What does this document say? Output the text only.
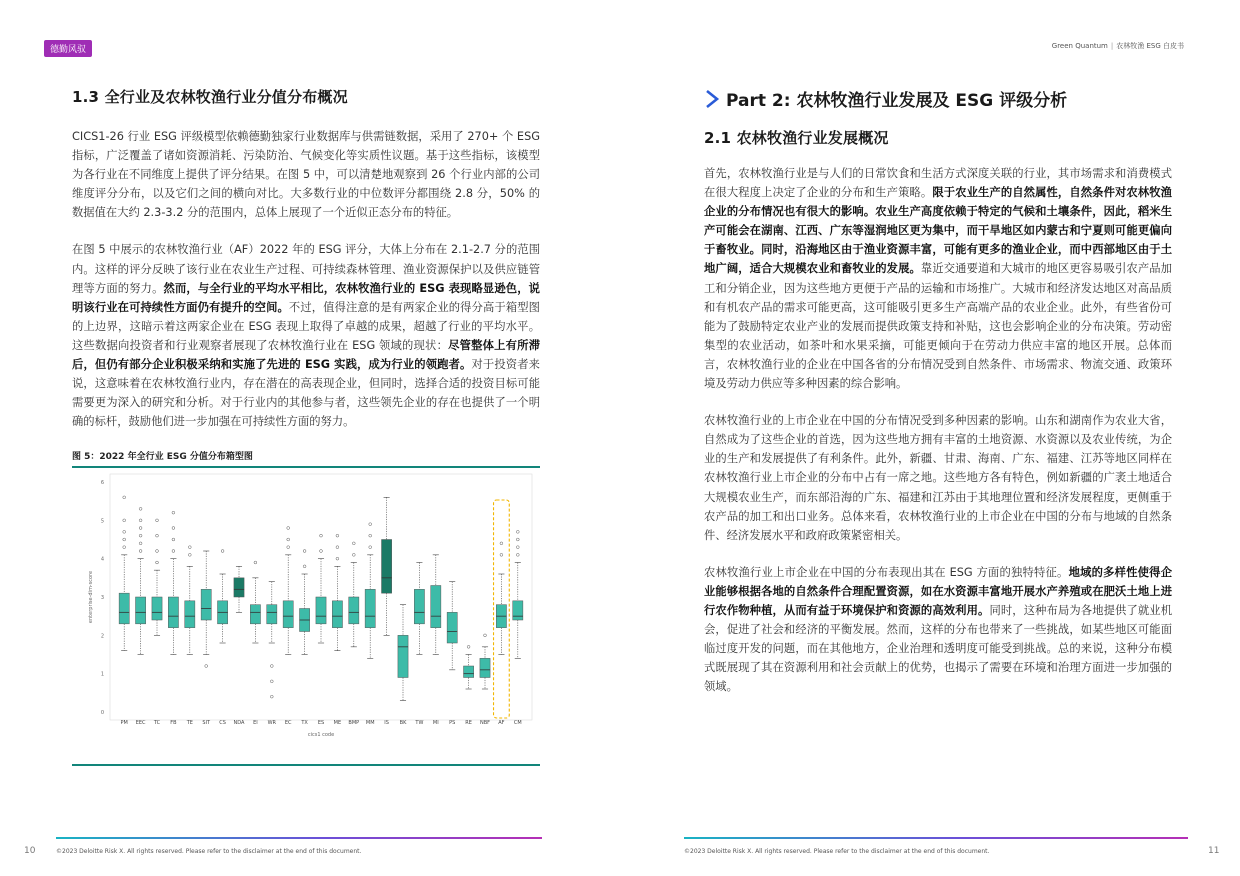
德勤风驭	Green Quantum | 农林牧渔 ESG 白皮书
1.3 全行业及农林牧渔行业分值分布概况

CICS1-26 行业 ESG 评级模型依赖德勤独家行业数据库与供需链数据，采用了 270+ 个 ESG 指标，广泛覆盖了诸如资源消耗、污染防治、气候变化等实质性议题。基于这些指标，该模型为各行业在不同维度上提供了评分结果。在图 5 中，可以清楚地观察到 26 个行业内部的公司维度评分分布，以及它们之间的横向对比。大多数行业的中位数评分都围绕 2.8 分，50% 的数据值在大约 2.3-3.2 分的范围内，总体上展现了一个近似正态分布的特征。

在图 5 中展示的农林牧渔行业（AF）2022 年的 ESG 评分，大体上分布在 2.1-2.7 分的范围内。这样的评分反映了该行业在农业生产过程、可持续森林管理、渔业资源保护以及供应链管理等方面的努力。然而，与全行业的平均水平相比，农林牧渔行业的 ESG 表现略显逊色，说明该行业在可持续性方面仍有提升的空间。不过，值得注意的是有两家企业的得分高于箱型图的上边界，这暗示着这两家企业在 ESG 表现上取得了卓越的成果，超越了行业的平均水平。这些数据向投资者和行业观察者展现了农林牧渔行业在 ESG 领域的现状：尽管整体上有所滞后，但仍有部分企业积极采纳和实施了先进的 ESG 实践，成为行业的领跑者。对于投资者来说，这意味着在农林牧渔行业内，存在潜在的高表现企业，但同时，选择合适的投资目标可能需要更为深入的研究和分析。对于行业内的其他参与者，这些领先企业的存在也提供了一个明确的标杆，鼓励他们进一步加强在可持续性方面的努力。

图 5：2022 年全行业 ESG 分值分布箱型图
0
1
2
3
4
5
6
enterprise-dim-score
cics1 code
PM EEC TC FB TE SIT CS NDA EI WR EC TX ES ME BMP MM IS BK TW MI PS RE NBF AF CM
Part 2: 农林牧渔行业发展及 ESG 评级分析
2.1 农林牧渔行业发展概况

首先，农林牧渔行业是与人们的日常饮食和生活方式深度关联的行业，其市场需求和消费模式在很大程度上决定了企业的分布和生产策略。限于农业生产的自然属性，自然条件对农林牧渔企业的分布情况也有很大的影响。农业生产高度依赖于特定的气候和土壤条件，因此，稻米生产可能会在湖南、江西、广东等湿润地区更为集中，而干旱地区如内蒙古和宁夏则可能更偏向于畜牧业。同时，沿海地区由于渔业资源丰富，可能有更多的渔业企业，而中西部地区由于土地广阔，适合大规模农业和畜牧业的发展。靠近交通要道和大城市的地区更容易吸引农产品加工和分销企业，因为这些地方更便于产品的运输和市场推广。大城市和经济发达地区对高品质和有机农产品的需求可能更高，这可能吸引更多生产高端产品的农业企业。此外，有些省份可能为了鼓励特定农业产业的发展而提供政策支持和补贴，这也会影响企业的分布决策。劳动密集型的农业活动，如茶叶和水果采摘，可能更倾向于在劳动力供应丰富的地区开展。总体而言，农林牧渔行业的企业在中国各省的分布情况受到自然条件、市场需求、物流交通、政策环境及劳动力供应等多种因素的综合影响。

农林牧渔行业的上市企业在中国的分布情况受到多种因素的影响。山东和湖南作为农业大省，自然成为了这些企业的首选，因为这些地方拥有丰富的土地资源、水资源以及农业传统，为企业的生产和发展提供了有利条件。此外，新疆、甘肃、海南、广东、福建、江苏等地区同样在农林牧渔行业上市企业的分布中占有一席之地。这些地方各有特色，例如新疆的广袤土地适合大规模农业生产，而东部沿海的广东、福建和江苏由于其地理位置和经济发展程度，更侧重于农产品的加工和出口业务。总体来看，农林牧渔行业的上市企业在中国的分布与地域的自然条件、经济发展水平和政府政策紧密相关。

农林牧渔行业上市企业在中国的分布表现出其在 ESG 方面的独特特征。地域的多样性使得企业能够根据各地的自然条件合理配置资源，如在水资源丰富地开展水产养殖或在肥沃土地上进行农作物种植，从而有益于环境保护和资源的高效利用。同时，这种布局为各地提供了就业机会，促进了社会和经济的平衡发展。然而，这样的分布也带来了一些挑战，如某些地区可能面临过度开发的问题，而在其他地方，企业治理和透明度可能受到挑战。总的来说，这种分布模式既展现了其在资源利用和社会贡献上的优势，也揭示了需要在环境和治理方面进一步加强的领域。

©2023 Deloitte Risk X. All rights reserved. Please refer to the disclaimer at the end of this document.	©2023 Deloitte Risk X. All rights reserved. Please refer to the disclaimer at the end of this document.
10	11
